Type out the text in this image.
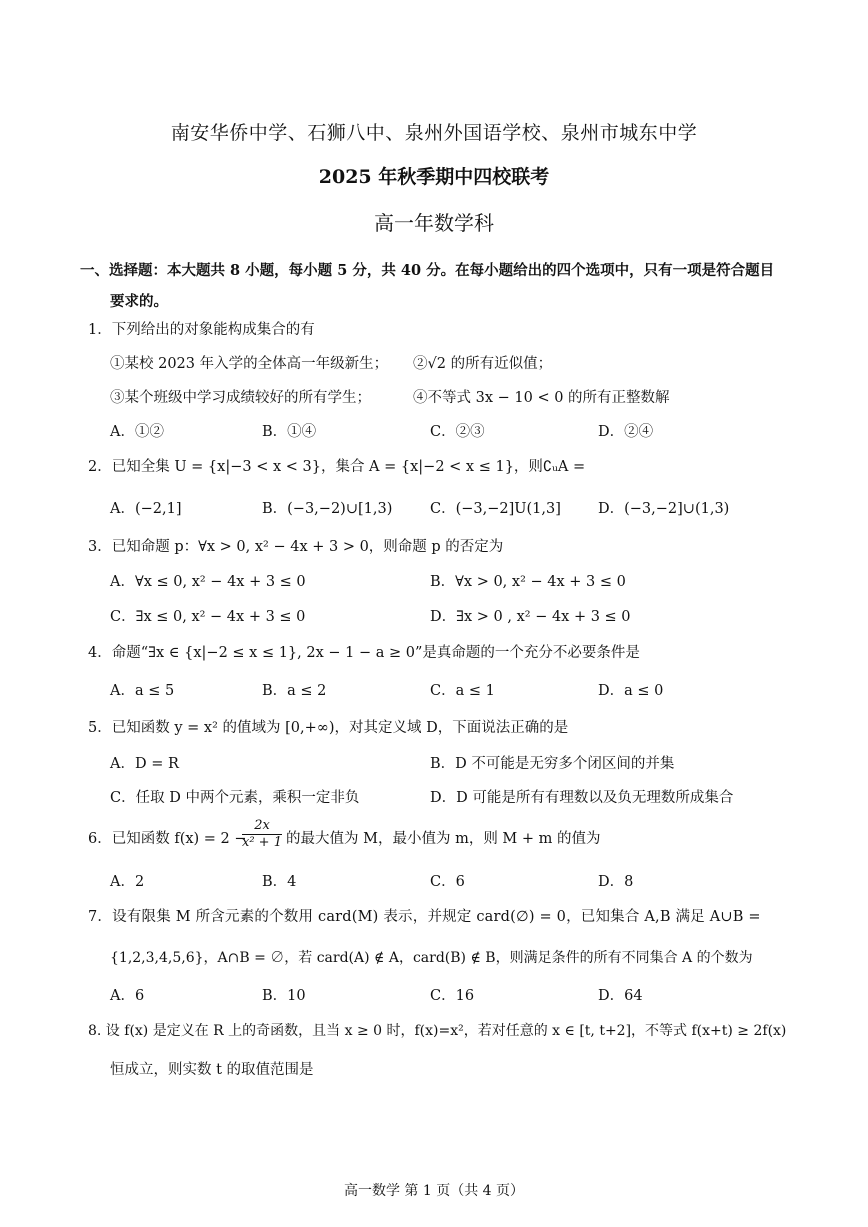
南安华侨中学、石狮八中、泉州外国语学校、泉州市城东中学
2025 年秋季期中四校联考
高一年数学科
一、选择题：本大题共 8 小题，每小题 5 分，共 40 分。在每小题给出的四个选项中，只有一项是符合题目
要求的。
1．下列给出的对象能构成集合的有
①某校 2023 年入学的全体高一年级新生； ②√2 的所有近似值；
③某个班级中学习成绩较好的所有学生；	④不等式 3x − 10 < 0 的所有正整数解
A．①②	B．①④	C．②③	D．②④
2．已知全集 U = {x|−3 < x < 3}，集合 A = {x|−2 < x ≤ 1}，则∁ᵤA =
A．(−2,1]	B．(−3,−2)∪[1,3)	C．(−3,−2]U(1,3]	D．(−3,−2]∪(1,3)
3．已知命题 p：∀x > 0, x² − 4x + 3 > 0，则命题 p 的否定为
A．∀x ≤ 0, x² − 4x + 3 ≤ 0	B．∀x > 0, x² − 4x + 3 ≤ 0
C．∃x ≤ 0, x² − 4x + 3 ≤ 0	D．∃x > 0 , x² − 4x + 3 ≤ 0
4．命题“∃x ∈ {x|−2 ≤ x ≤ 1}, 2x − 1 − a ≥ 0”是真命题的一个充分不必要条件是
A．a ≤ 5	B．a ≤ 2	C．a ≤ 1	D．a ≤ 0
5．已知函数 y = x² 的值域为 [0,+∞)，对其定义域 D，下面说法正确的是
A．D = R	B．D 不可能是无穷多个闭区间的并集
C．任取 D 中两个元素，乘积一定非负	D．D 可能是所有有理数以及负无理数所成集合
6．已知函数 f(x) = 2 −
$\frac{2x}{\text{x² + 1}}$ 的最大值为 M，最小值为 m，则 M + m 的值为
A．2	B．4	C．6	D．8
7．设有限集 M 所含元素的个数用 card(M) 表示，并规定 card(∅) = 0，已知集合 A,B 满足 A∪B =
{1,2,3,4,5,6}，A∩B = ∅，若 card(A) ∉ A，card(B) ∉ B，则满足条件的所有不同集合 A 的个数为
A．6	B．10	C．16	D．64
8. 设 f(x) 是定义在 R 上的奇函数，且当 x ≥ 0 时，f(x)=x²，若对任意的 x ∈ [t, t+2]，不等式 f(x+t) ≥ 2f(x)
恒成立，则实数 t 的取值范围是
高一数学 第 1 页（共 4 页）
